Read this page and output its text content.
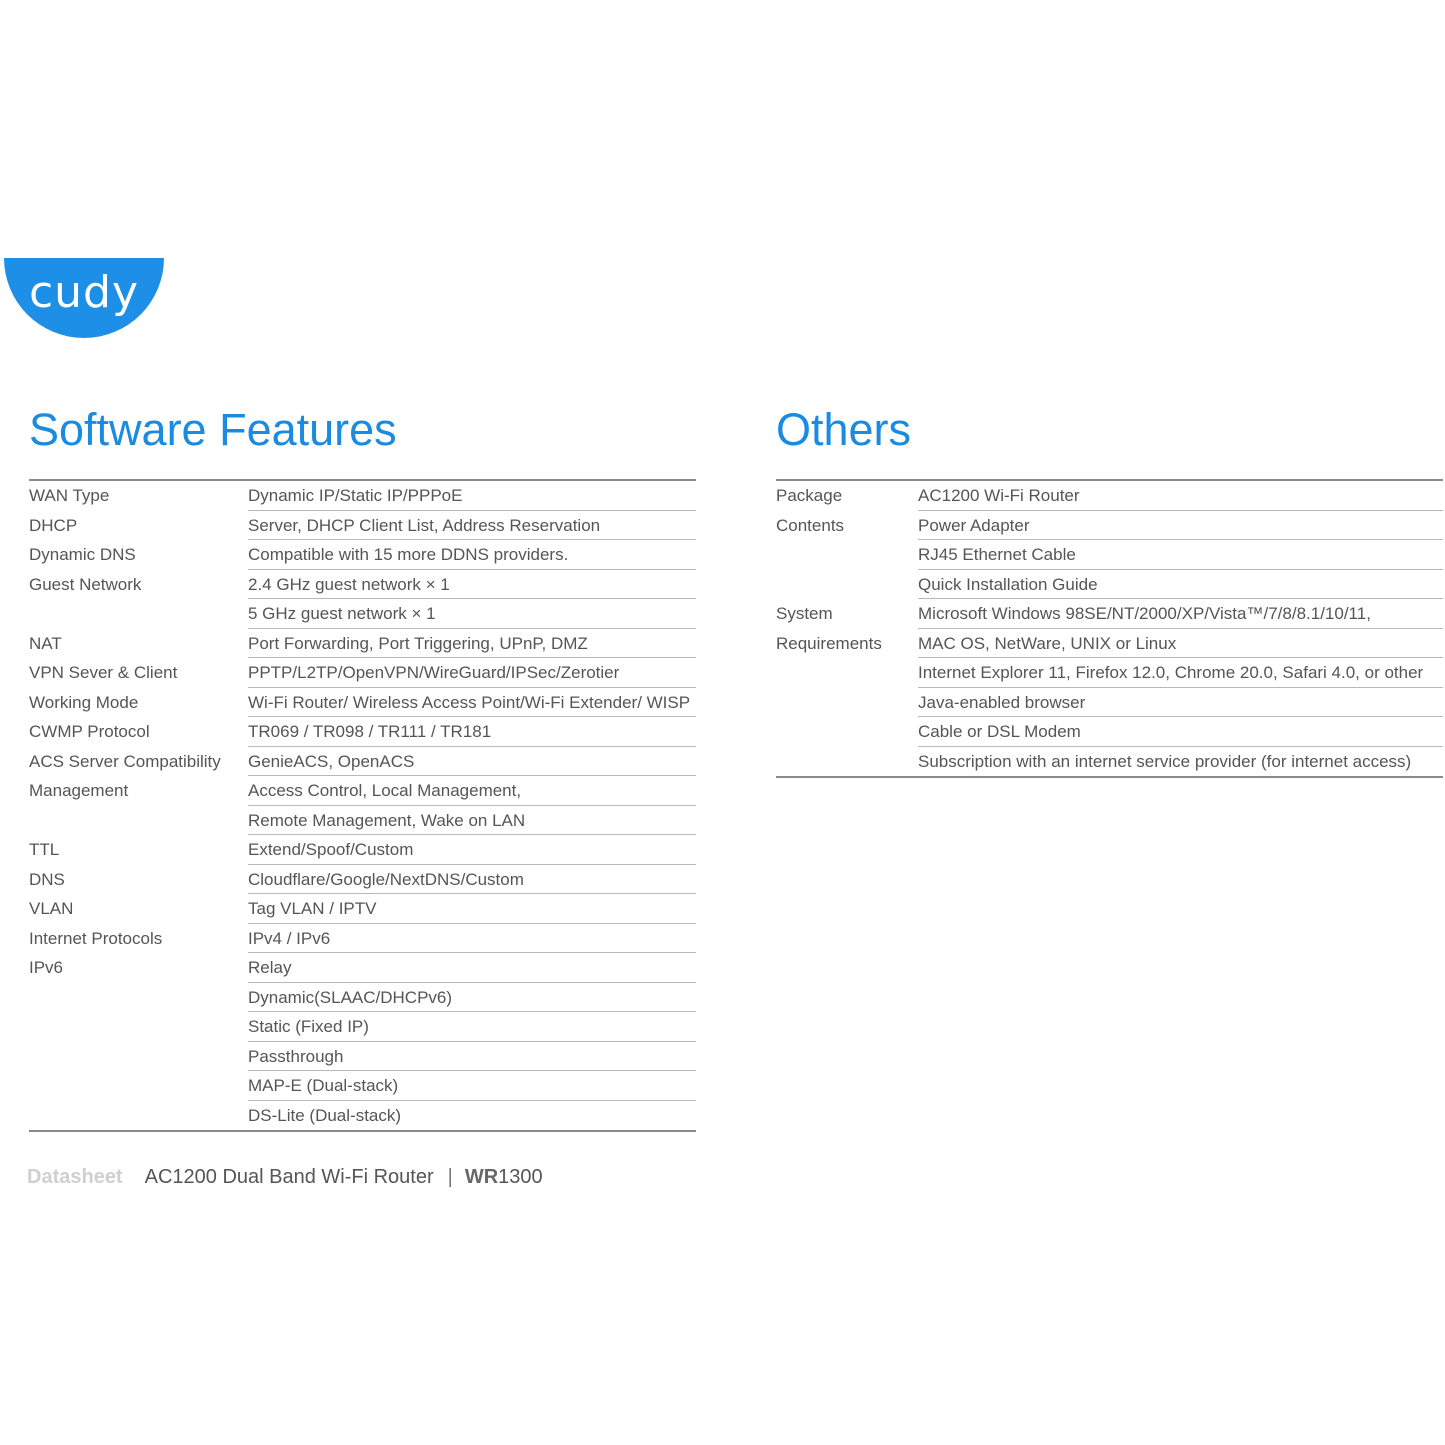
cudy
Software Features	Others
WAN Type	Dynamic IP/Static IP/PPPoE
DHCP	Server, DHCP Client List, Address Reservation
Dynamic DNS	Compatible with 15 more DDNS providers.
Guest Network	2.4 GHz guest network × 1
5 GHz guest network × 1
NAT	Port Forwarding, Port Triggering, UPnP, DMZ
VPN Sever & Client	PPTP/L2TP/OpenVPN/WireGuard/IPSec/Zerotier
Working Mode	Wi-Fi Router/ Wireless Access Point/Wi-Fi Extender/ WISP
CWMP Protocol	TR069 / TR098 / TR111 / TR181
ACS Server Compatibility	GenieACS, OpenACS
Management	Access Control, Local Management,
Remote Management, Wake on LAN
TTL	Extend/Spoof/Custom
DNS	Cloudflare/Google/NextDNS/Custom
VLAN	Tag VLAN / IPTV
Internet Protocols	IPv4 / IPv6
IPv6	Relay
Dynamic(SLAAC/DHCPv6)
Static (Fixed IP)
Passthrough
MAP-E (Dual-stack)
DS-Lite (Dual-stack)
Package	AC1200 Wi-Fi Router
Contents	Power Adapter
RJ45 Ethernet Cable
Quick Installation Guide
System	Microsoft Windows 98SE/NT/2000/XP/Vista™/7/8/8.1/10/11,
Requirements	MAC OS, NetWare, UNIX or Linux
Internet Explorer 11, Firefox 12.0, Chrome 20.0, Safari 4.0, or other
Java-enabled browser
Cable or DSL Modem
Subscription with an internet service provider (for internet access)
Datasheet AC1200 Dual Band Wi-Fi Router | WR1300
